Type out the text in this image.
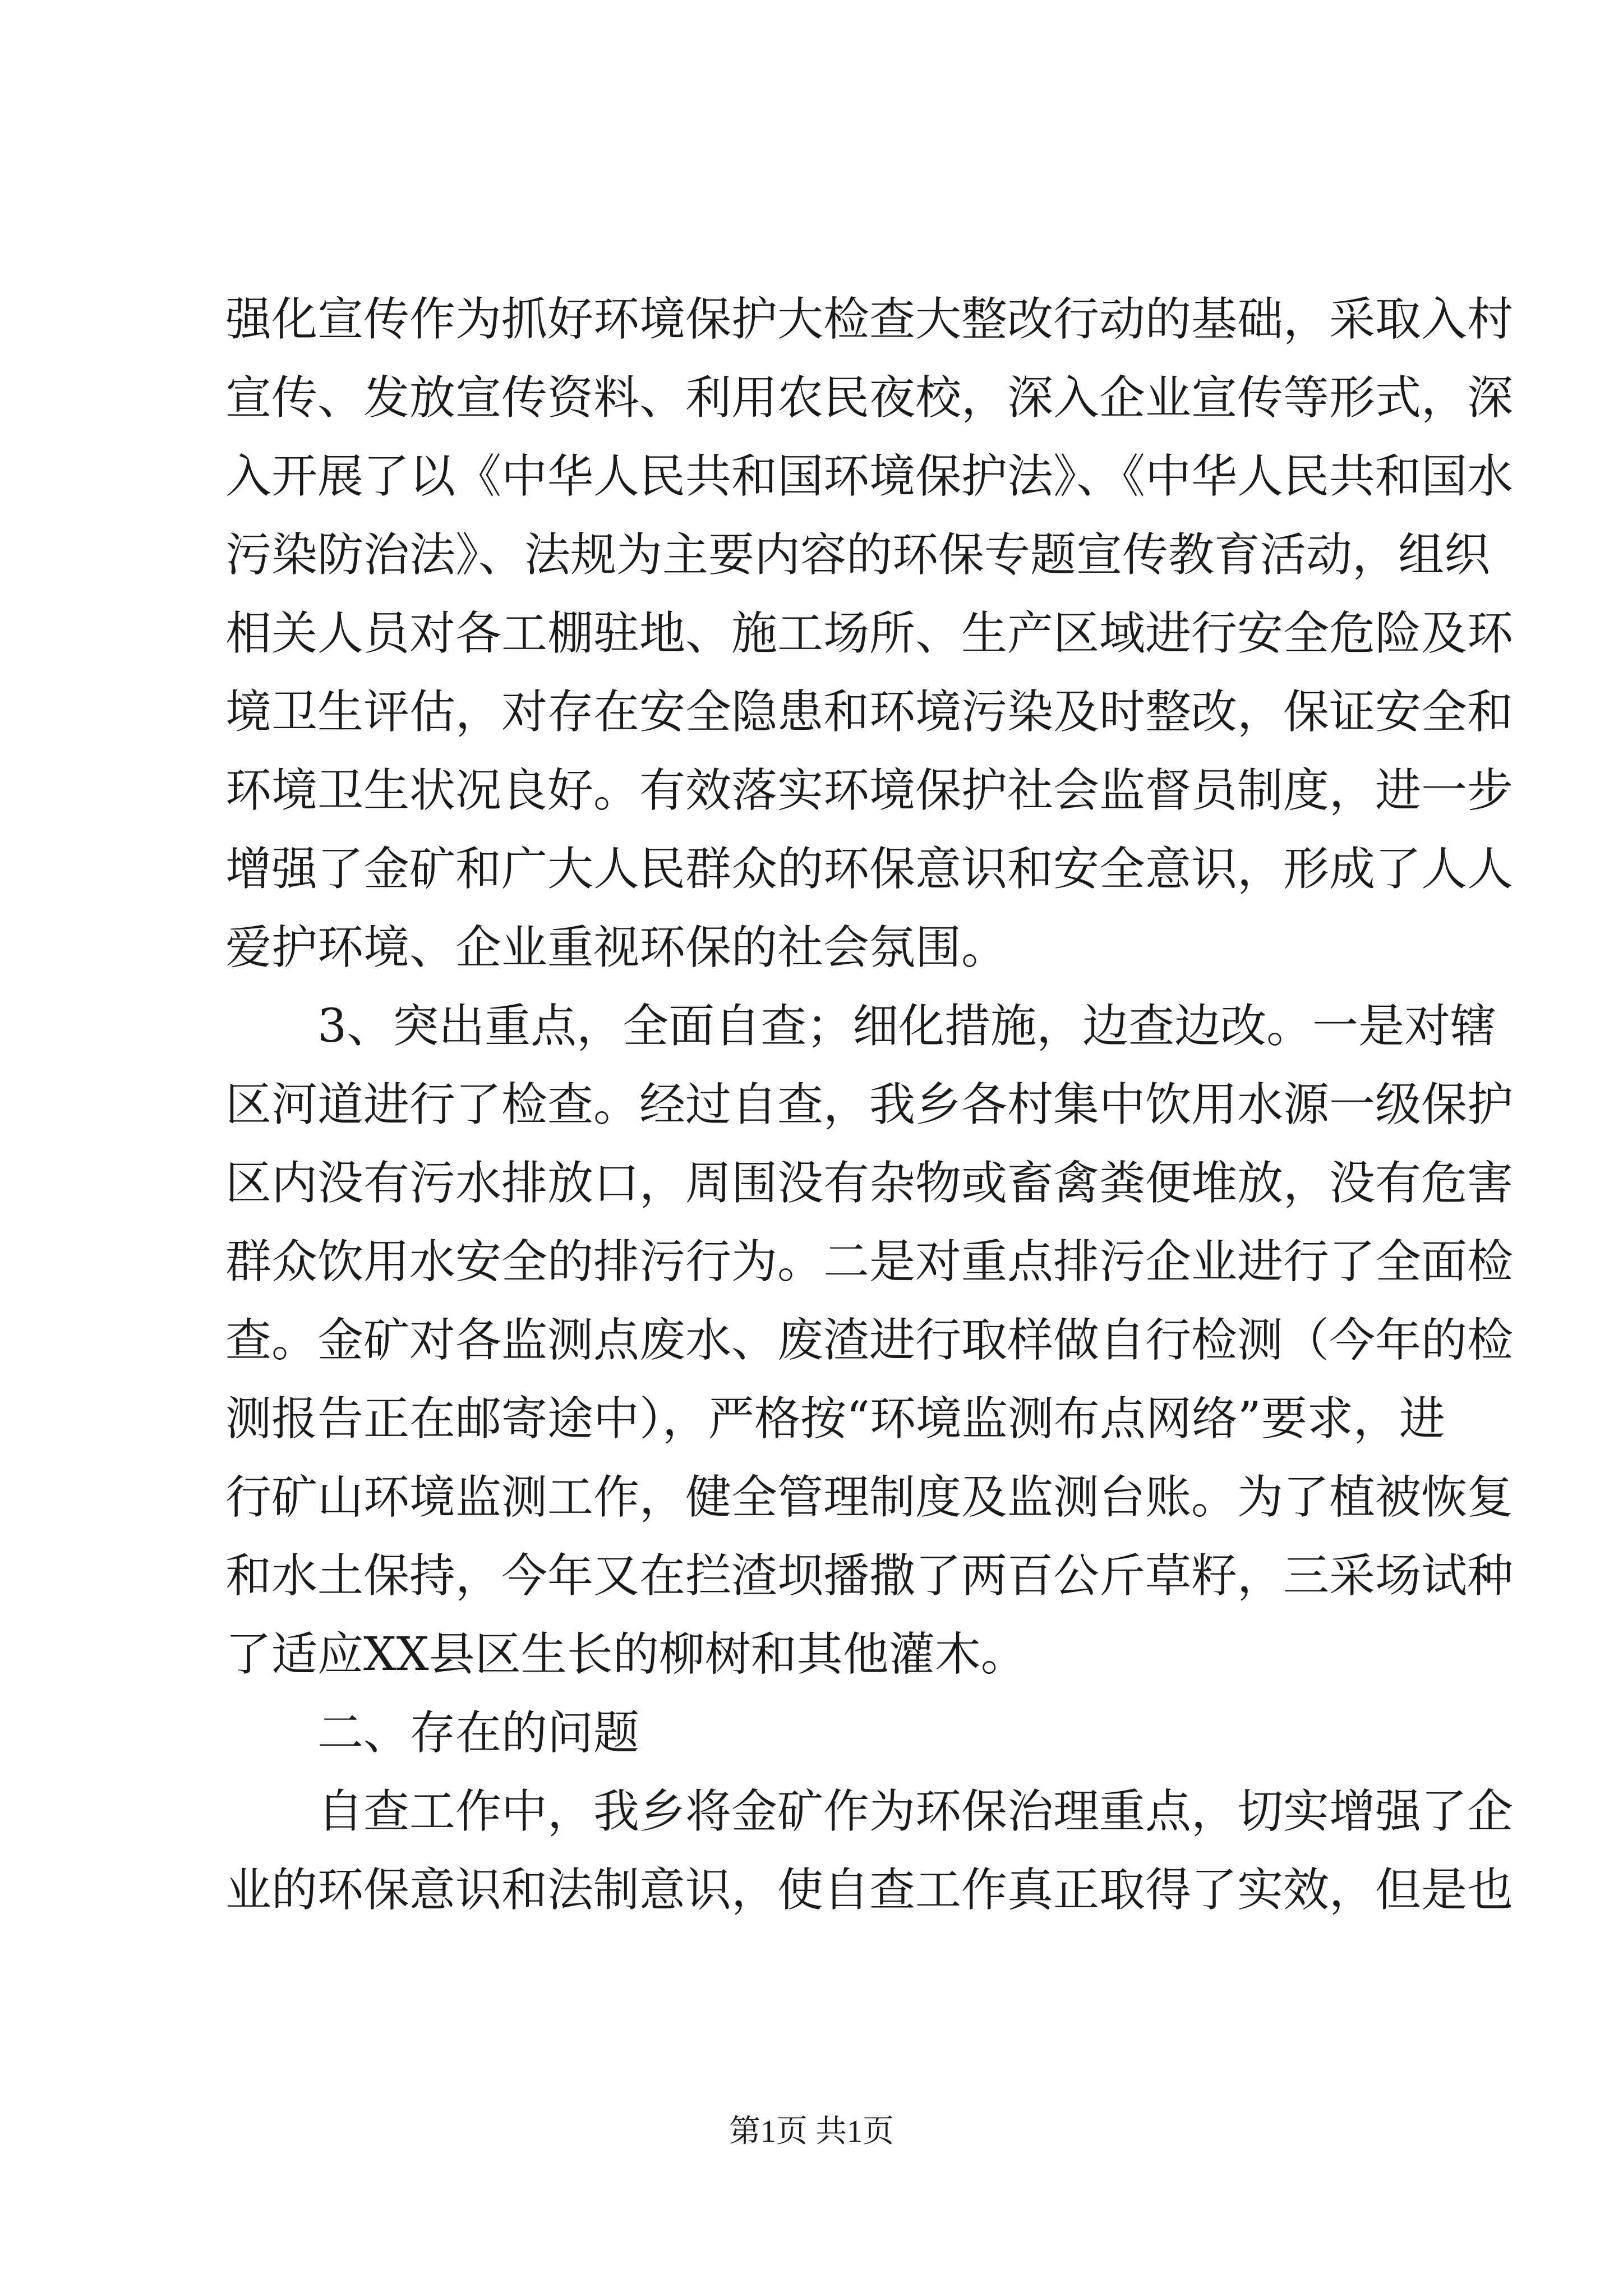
强化宣传作为抓好环境保护大检查大整改行动的基础，采取入村

宣传、发放宣传资料、利用农民夜校，深入企业宣传等形式，深

入开展了以《中华人民共和国环境保护法》、《中华人民共和国水

污染防治法》、法规为主要内容的环保专题宣传教育活动，组织

相关人员对各工棚驻地、施工场所、生产区域进行安全危险及环

境卫生评估，对存在安全隐患和环境污染及时整改，保证安全和

环境卫生状况良好。有效落实环境保护社会监督员制度，进一步

增强了金矿和广大人民群众的环保意识和安全意识，形成了人人

爱护环境、企业重视环保的社会氛围。

3、突出重点，全面自查；细化措施，边查边改。一是对辖

区河道进行了检查。经过自查，我乡各村集中饮用水源一级保护

区内没有污水排放口，周围没有杂物或畜禽粪便堆放，没有危害

群众饮用水安全的排污行为。二是对重点排污企业进行了全面检

查。金矿对各监测点废水、废渣进行取样做自行检测（今年的检

测报告正在邮寄途中），严格按“环境监测布点网络”要求，进

行矿山环境监测工作，健全管理制度及监测台账。为了植被恢复

和水土保持，今年又在拦渣坝播撒了两百公斤草籽，三采场试种

了适应XX县区生长的柳树和其他灌木。

二、存在的问题

自查工作中，我乡将金矿作为环保治理重点，切实增强了企

业的环保意识和法制意识，使自查工作真正取得了实效，但是也

第1页 共1页
